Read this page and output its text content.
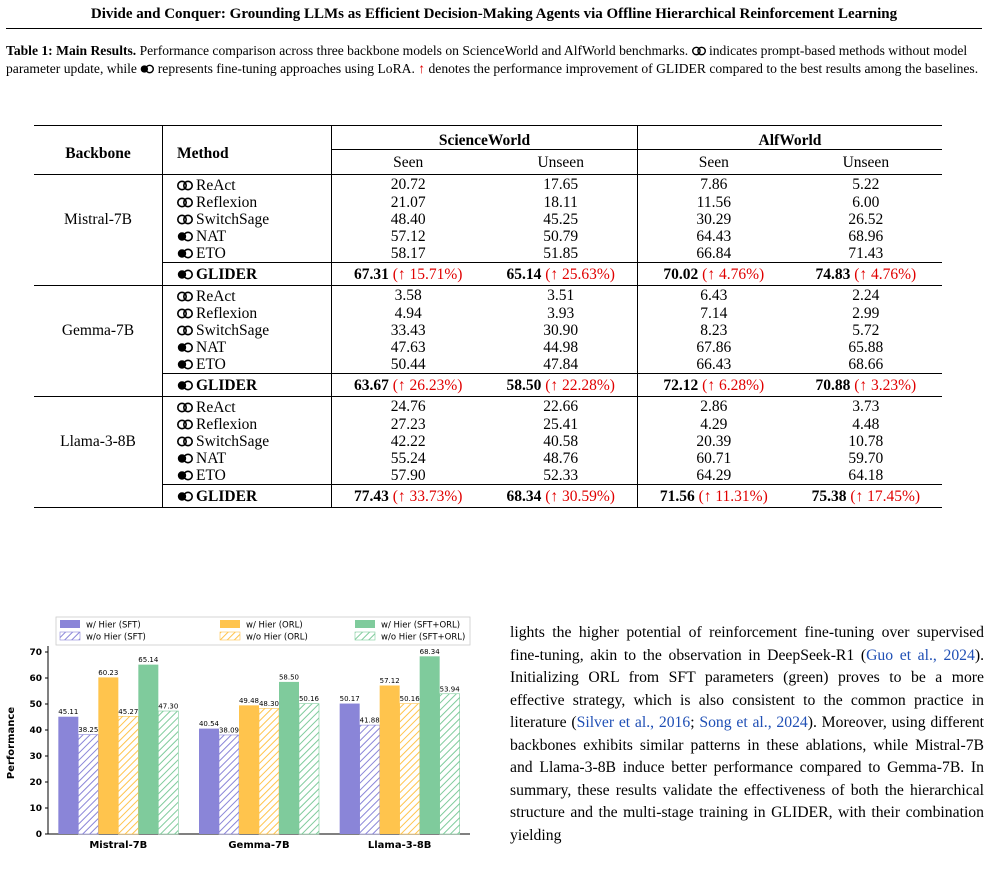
Divide and Conquer: Grounding LLMs as Efficient Decision-Making Agents via Offline Hierarchical Reinforcement Learning
Table 1: Main Results. Performance comparison across three backbone models on ScienceWorld and AlfWorld benchmarks. indicates prompt-based methods without model parameter update, while represents fine-tuning approaches using LoRA. ↑ denotes the performance improvement of GLIDER compared to the best results among the baselines.
Backbone	Method	ScienceWorld		AlfWorld	
		Seen	Unseen	Seen	Unseen
Mistral-7B	ReAct	20.72	17.65	7.86	5.22
	Reflexion	21.07	18.11	11.56	6.00
	SwitchSage	48.40	45.25	30.29	26.52
	NAT	57.12	50.79	64.43	68.96
	ETO	58.17	51.85	66.84	71.43
	GLIDER	67.31 (↑ 15.71%)	65.14 (↑ 25.63%)	70.02 (↑ 4.76%)	74.83 (↑ 4.76%)
Gemma-7B	ReAct	3.58	3.51	6.43	2.24
	Reflexion	4.94	3.93	7.14	2.99
	SwitchSage	33.43	30.90	8.23	5.72
	NAT	47.63	44.98	67.86	65.88
	ETO	50.44	47.84	66.43	68.66
	GLIDER	63.67 (↑ 26.23%)	58.50 (↑ 22.28%)	72.12 (↑ 6.28%)	70.88 (↑ 3.23%)
Llama-3-8B	ReAct	24.76	22.66	2.86	3.73
	Reflexion	27.23	25.41	4.29	4.48
	SwitchSage	42.22	40.58	20.39	10.78
	NAT	55.24	48.76	60.71	59.70
	ETO	57.90	52.33	64.29	64.18
	GLIDER	77.43 (↑ 33.73%)	68.34 (↑ 30.59%)	71.56 (↑ 11.31%)	75.38 (↑ 17.45%)
w/ Hier (SFT)
w/o Hier (SFT)
w/ Hier (ORL)
w/o Hier (ORL)
w/ Hier (SFT+ORL)
w/o Hier (SFT+ORL)
0
10
20
30
40
50
60
70
Performance	45.11
38.25
60.23
45.27
65.14
47.30
Mistral-7B
40.54
38.09
49.48 48.30
58.50
50.16
Gemma-7B
50.17
41.88
57.12
50.16
68.34
53.94
Llama-3-8B
lights the higher potential of reinforcement fine-tuning over supervised fine-tuning, akin to the observation in DeepSeek-R1 (Guo et al., 2024). Initializing ORL from SFT parameters (green) proves to be a more effective strategy, which is also consistent to the common practice in literature (Silver et al., 2016; Song et al., 2024). Moreover, using different backbones exhibits similar patterns in these ablations, while Mistral-7B and Llama-3-8B induce better performance compared to Gemma-7B. In summary, these results validate the effectiveness of both the hierarchical structure and the multi-stage training in GLIDER, with their combination yielding
